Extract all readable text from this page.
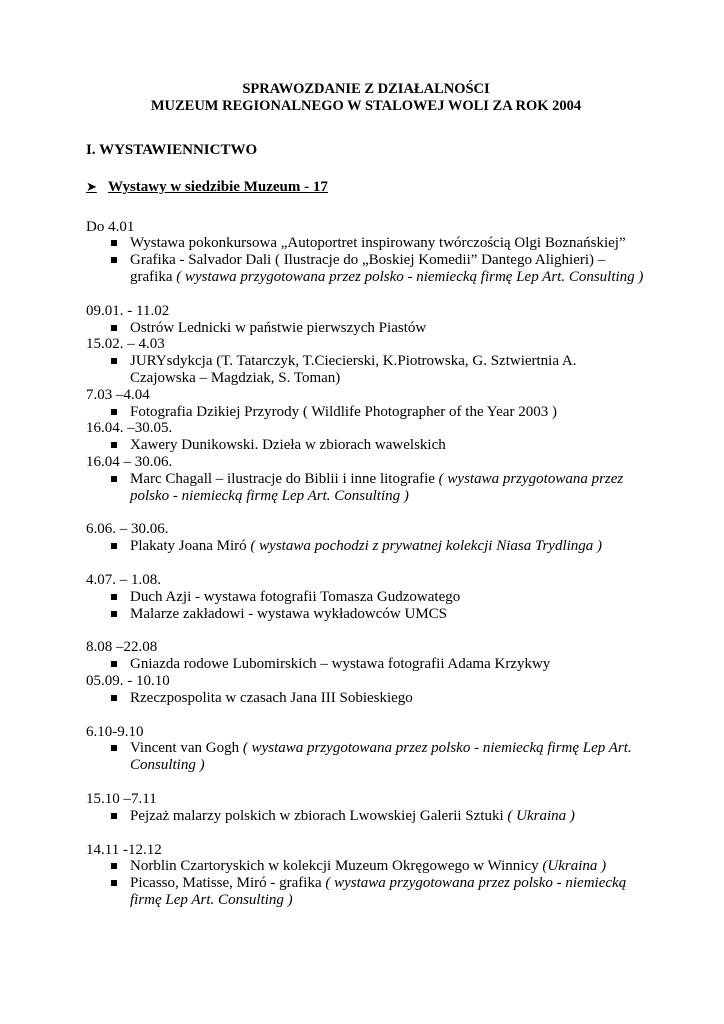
SPRAWOZDANIE Z DZIAŁALNOŚCI
MUZEUM REGIONALNEGO W STALOWEJ WOLI ZA ROK 2004
I. WYSTAWIENNICTWO
➤ Wystawy w siedzibie Muzeum - 17
Do 4.01
Wystawa pokonkursowa „Autoportret inspirowany twórczością Olgi Boznańskiej”
Grafika - Salvador Dali ( Ilustracje do „Boskiej Komedii” Dantego Alighieri) – grafika ( wystawa przygotowana przez polsko - niemiecką firmę Lep Art. Consulting )
09.01. - 11.02
Ostrów Lednicki w państwie pierwszych Piastów
15.02. – 4.03
JURYsdykcja (T. Tatarczyk, T.Ciecierski, K.Piotrowska, G. Sztwiertnia A. Czajowska – Magdziak, S. Toman)
7.03 –4.04
Fotografia Dzikiej Przyrody ( Wildlife Photographer of the Year 2003 )
16.04. –30.05.
Xawery Dunikowski. Dzieła w zbiorach wawelskich
16.04 – 30.06.
Marc Chagall – ilustracje do Biblii i inne litografie ( wystawa przygotowana przez polsko - niemiecką firmę Lep Art. Consulting )
6.06. – 30.06.
Plakaty Joana Miró ( wystawa pochodzi z prywatnej kolekcji Niasa Trydlinga )
4.07. – 1.08.
Duch Azji - wystawa fotografii Tomasza Gudzowatego
Malarze zakładowi - wystawa wykładowców UMCS
8.08 –22.08
Gniazda rodowe Lubomirskich – wystawa fotografii Adama Krzykwy
05.09. - 10.10
Rzeczpospolita w czasach Jana III Sobieskiego
6.10-9.10
Vincent van Gogh ( wystawa przygotowana przez polsko - niemiecką firmę Lep Art. Consulting )
15.10 –7.11
Pejzaż malarzy polskich w zbiorach Lwowskiej Galerii Sztuki ( Ukraina )
14.11 -12.12
Norblin Czartoryskich w kolekcji Muzeum Okręgowego w Winnicy (Ukraina )
Picasso, Matisse, Miró - grafika ( wystawa przygotowana przez polsko - niemiecką firmę Lep Art. Consulting )
